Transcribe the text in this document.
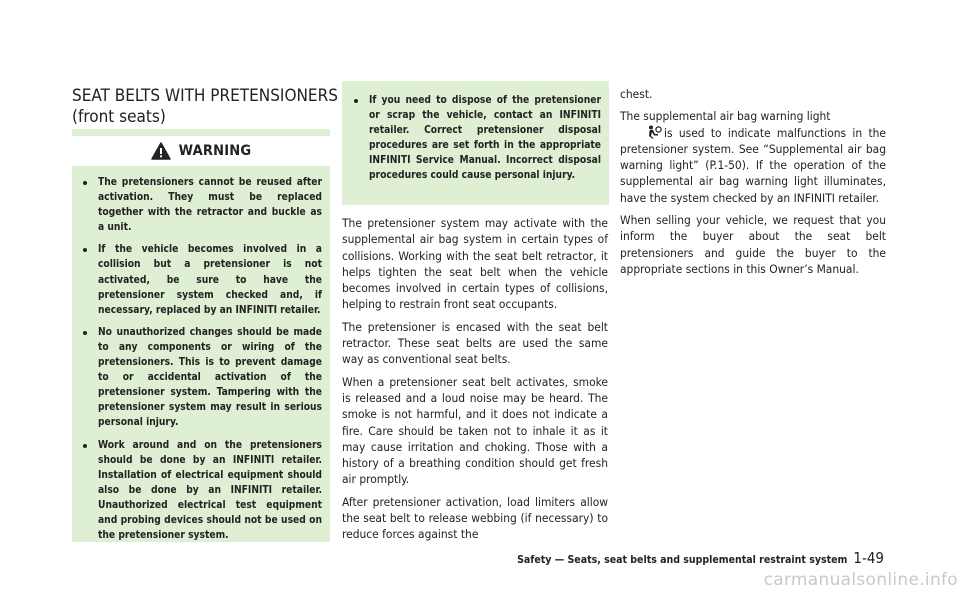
SEAT BELTS WITH PRETENSIONERS
(front seats)
WARNING
The pretensioners cannot be reused after activation. They must be replaced together with the retractor and buckle as a unit.
If the vehicle becomes involved in a collision but a pretensioner is not activated, be sure to have the pretensioner system checked and, if necessary, replaced by an INFINITI retailer.
No unauthorized changes should be made to any components or wiring of the pretensioners. This is to prevent damage to or accidental activation of the pretensioner system. Tampering with the pretensioner system may result in serious personal injury.
Work around and on the pretensioners should be done by an INFINITI retailer. Installation of electrical equipment should also be done by an INFINITI retailer. Unauthorized electrical test equipment and probing devices should not be used on the pretensioner system.
If you need to dispose of the pretensioner or scrap the vehicle, contact an INFINITI retailer. Correct pretensioner disposal procedures are set forth in the appropriate INFINITI Service Manual. Incorrect disposal procedures could cause personal injury.

The pretensioner system may activate with the supplemental air bag system in certain types of collisions. Working with the seat belt retractor, it helps tighten the seat belt when the vehicle becomes involved in certain types of collisions, helping to restrain front seat occupants.

The pretensioner is encased with the seat belt retractor. These seat belts are used the same way as conventional seat belts.

When a pretensioner seat belt activates, smoke is released and a loud noise may be heard. The smoke is not harmful, and it does not indicate a fire. Care should be taken not to inhale it as it may cause irritation and choking. Those with a history of a breathing condition should get fresh air promptly.

After pretensioner activation, load limiters allow the seat belt to release webbing (if necessary) to reduce forces against the

chest.

The supplemental air bag warning light
is used to indicate malfunctions in the pretensioner system. See “Supplemental air bag warning light” (P.1-50). If the operation of the supplemental air bag warning light illuminates, have the system checked by an INFINITI retailer.

When selling your vehicle, we request that you inform the buyer about the seat belt pretensioners and guide the buyer to the appropriate sections in this Owner’s Manual.

Safety — Seats, seat belts and supplemental restraint system 1-49
carmanualsonline.info
